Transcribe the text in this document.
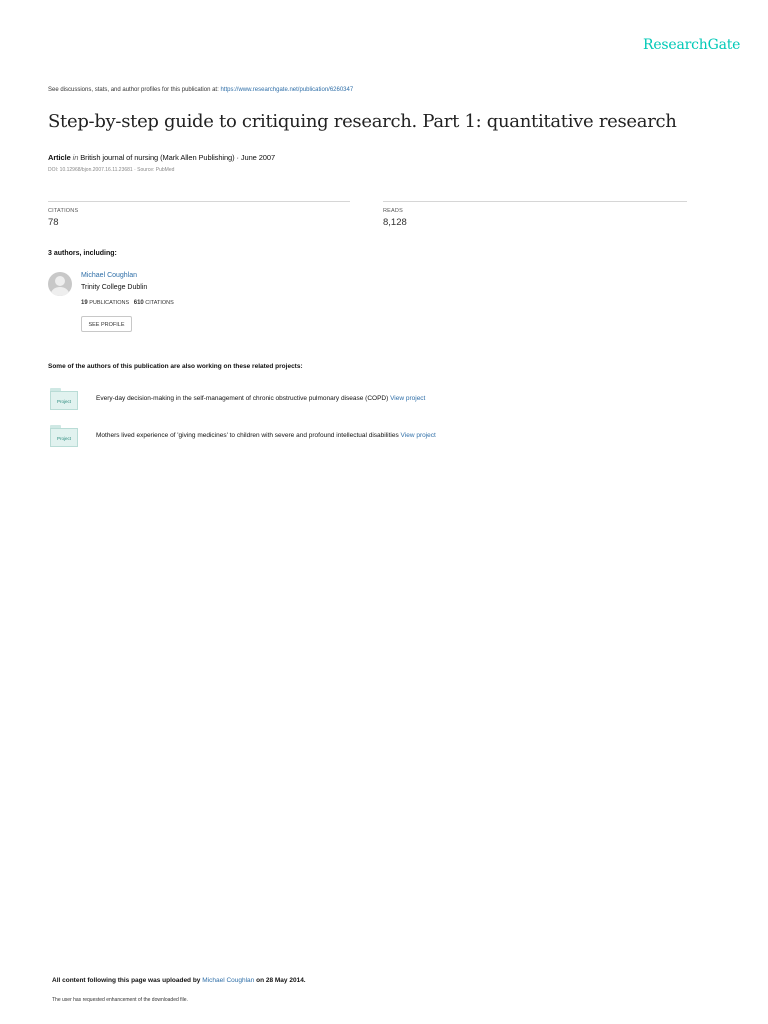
ResearchGate
See discussions, stats, and author profiles for this publication at: https://www.researchgate.net/publication/6260347
Step-by-step guide to critiquing research. Part 1: quantitative research
Article in British journal of nursing (Mark Allen Publishing) · June 2007
DOI: 10.12968/bjon.2007.16.11.23681 · Source: PubMed
CITATIONS
78
READS
8,128
3 authors, including:
Michael Coughlan
Trinity College Dublin
19 PUBLICATIONS 610 CITATIONS
SEE PROFILE
Some of the authors of this publication are also working on these related projects:
Project	Every-day decision-making in the self-management of chronic obstructive pulmonary disease (COPD) View project
Project	Mothers lived experience of 'giving medicines' to children with severe and profound intellectual disabilities View project
All content following this page was uploaded by Michael Coughlan on 28 May 2014.
The user has requested enhancement of the downloaded file.
